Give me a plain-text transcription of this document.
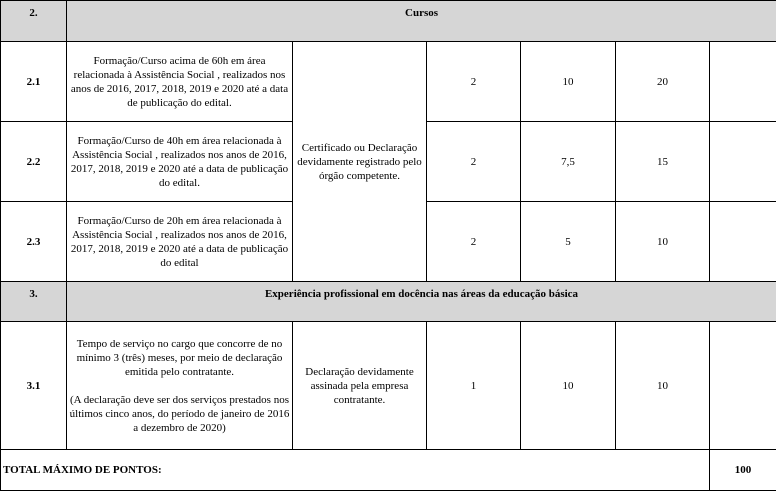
2.	Cursos					
2.1	Formação/Curso acima de 60h em área relacionada à Assistência Social , realizados nos anos de 2016, 2017, 2018, 2019 e 2020 até a data de publicação do edital.	Certificado ou Declaração devidamente registrado pelo órgão competente.	2	10	20	
2.2	Formação/Curso de 40h em área relacionada à Assistência Social , realizados nos anos de 2016, 2017, 2018, 2019 e 2020 até a data de publicação do edital.		2	7,5	15	
2.3	Formação/Curso de 20h em área relacionada à Assistência Social , realizados nos anos de 2016, 2017, 2018, 2019 e 2020 até a data de publicação do edital		2	5	10	
3.	Experiência profissional em docência nas áreas da educação básica					
3.1	Tempo de serviço no cargo que concorre de no mínimo 3 (três) meses, por meio de declaração emitida pelo contratante.
(A declaração deve ser dos serviços prestados nos últimos cinco anos, do período de janeiro de 2016 a dezembro de 2020)	Declaração devidamente assinada pela empresa contratante.	1	10	10	
TOTAL MÁXIMO DE PONTOS:						100
